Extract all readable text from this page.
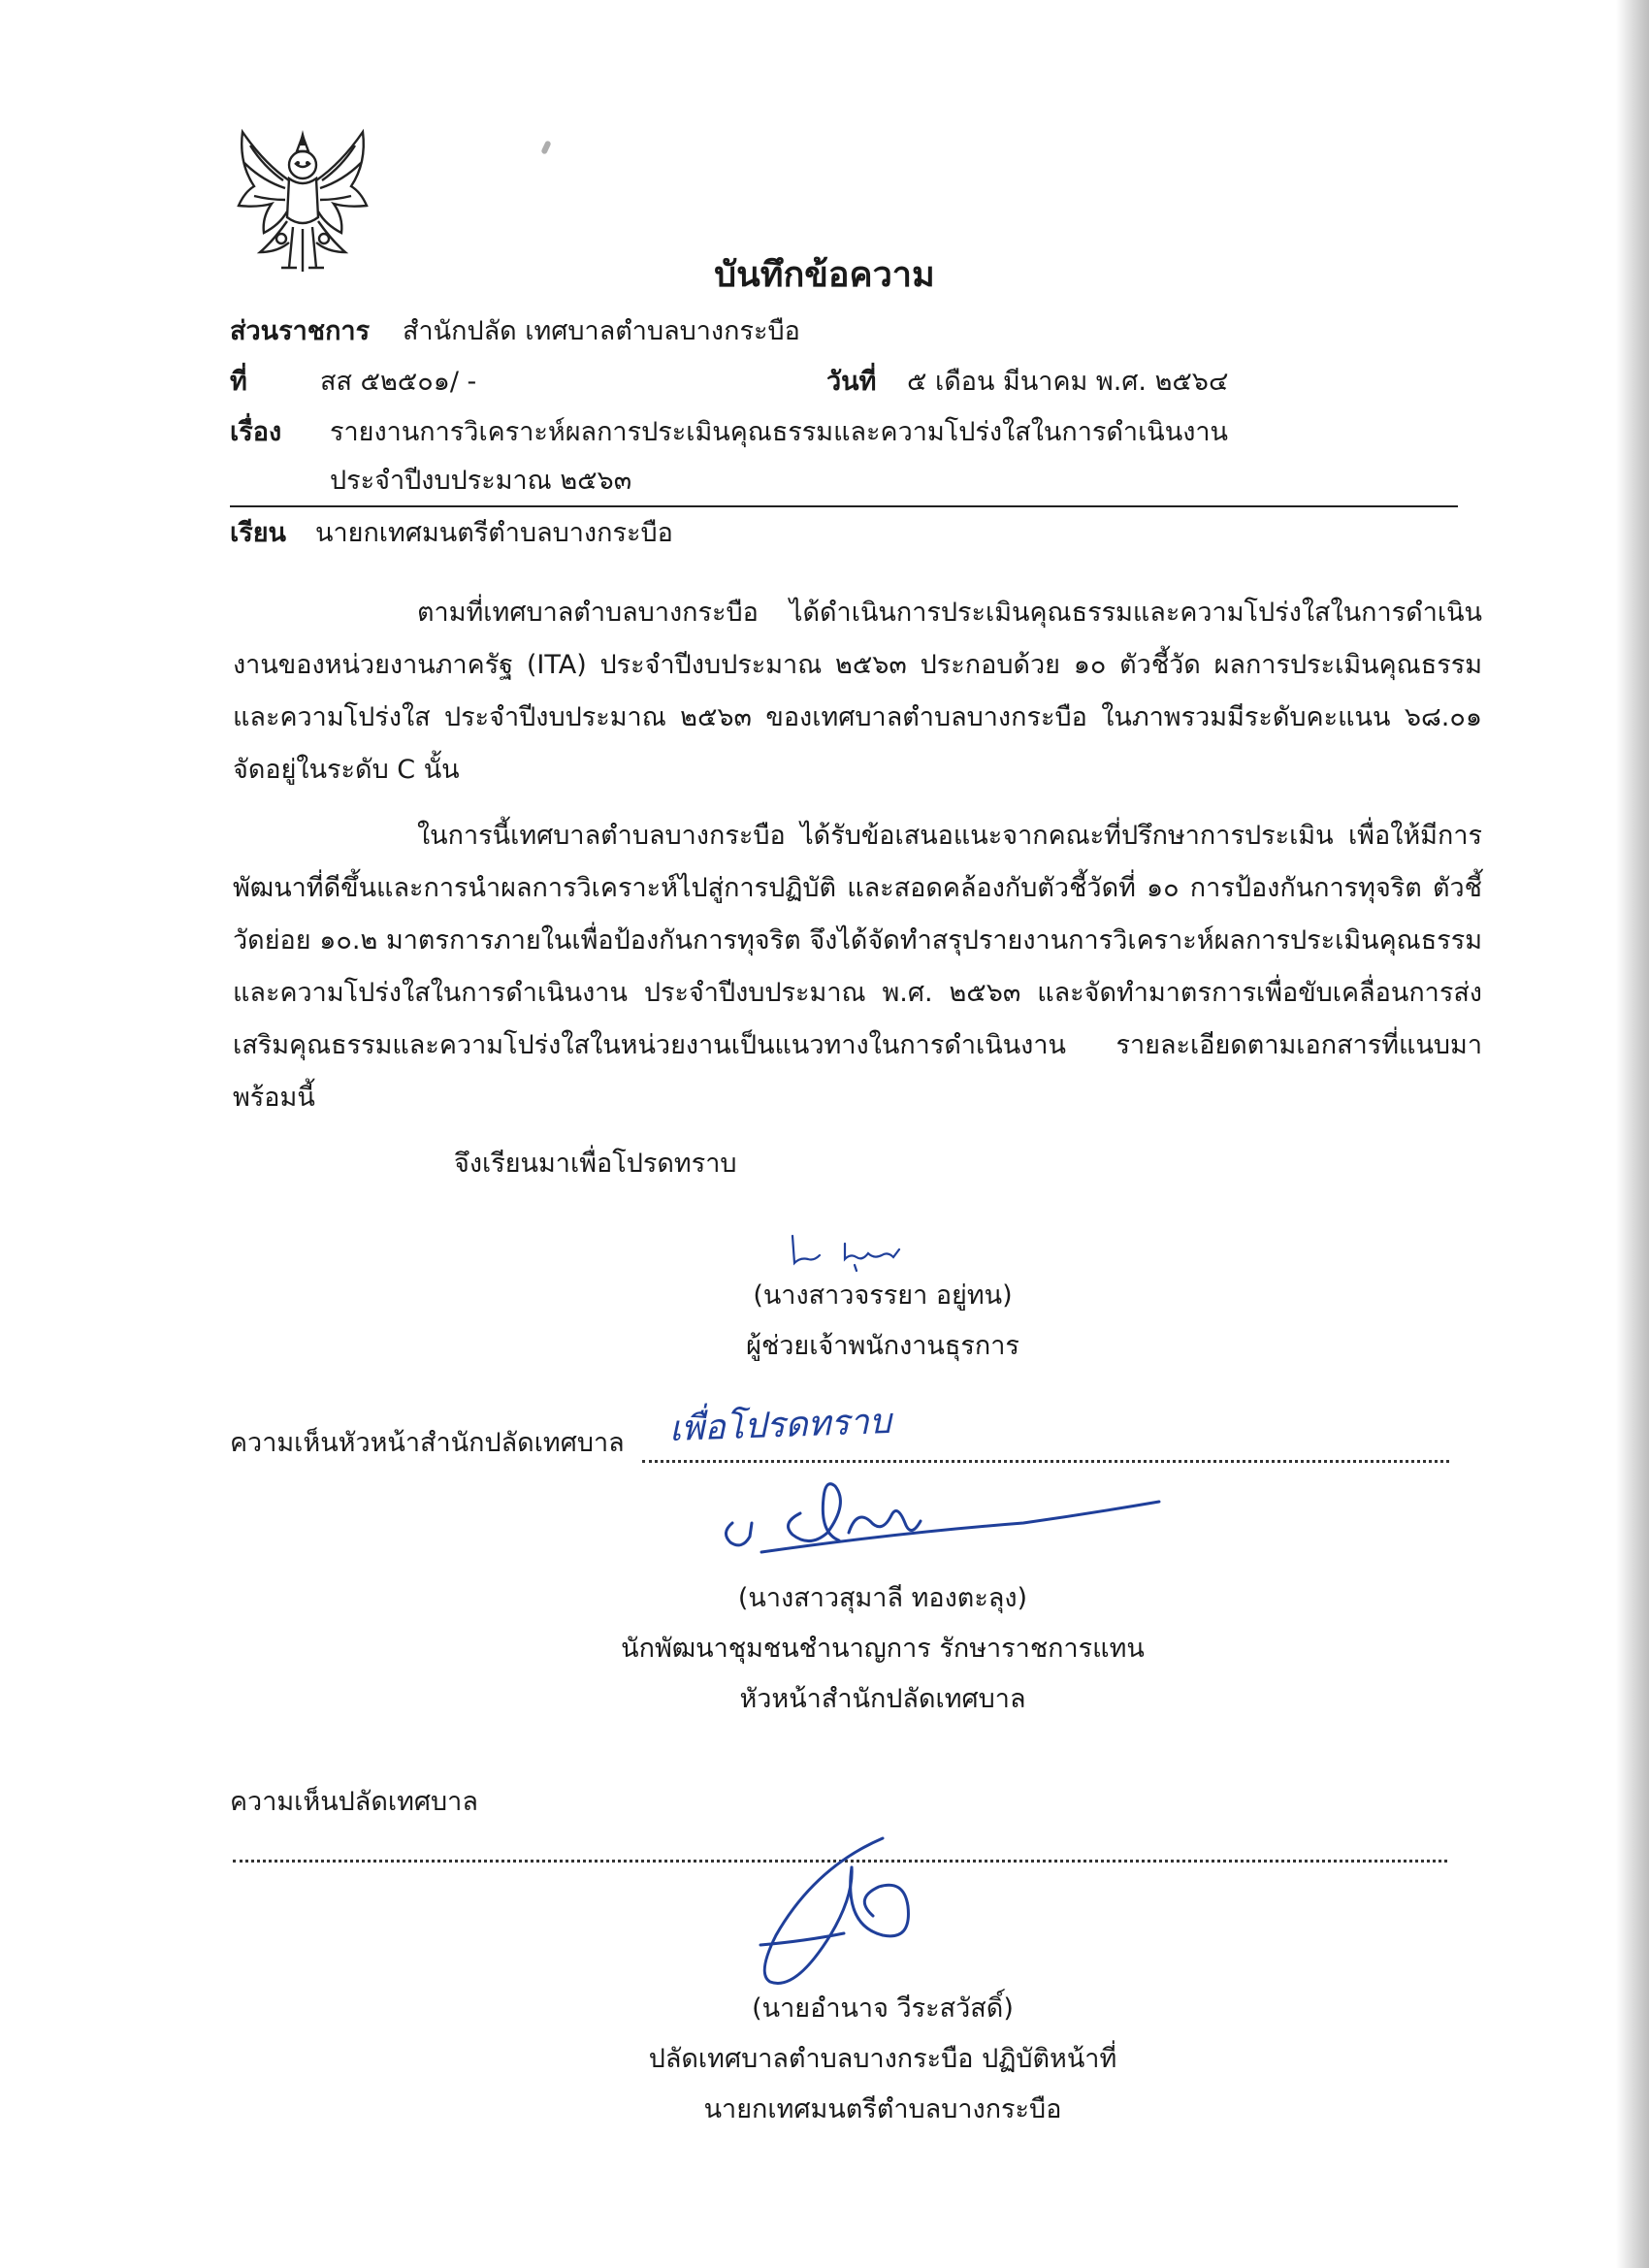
บันทึกข้อความ
ส่วนราชการ สำนักปลัด เทศบาลตำบลบางกระบือ
ที่	สส ๕๒๕๐๑/ -	วันที่ ๕ เดือน มีนาคม พ.ศ. ๒๕๖๔
เรื่อง รายงานการวิเคราะห์ผลการประเมินคุณธรรมและความโปร่งใสในการดำเนินงาน
ประจำปีงบประมาณ ๒๕๖๓
เรียน นายกเทศมนตรีตำบลบางกระบือ
ตามที่เทศบาลตำบลบางกระบือ ได้ดำเนินการประเมินคุณธรรมและความโปร่งใสในการดำเนินงานของหน่วยงานภาครัฐ (ITA) ประจำปีงบประมาณ ๒๕๖๓ ประกอบด้วย ๑๐ ตัวชี้วัด ผลการประเมินคุณธรรมและความโปร่งใส ประจำปีงบประมาณ ๒๕๖๓ ของเทศบาลตำบลบางกระบือ ในภาพรวมมีระดับคะแนน ๖๘.๐๑ จัดอยู่ในระดับ C นั้น
ในการนี้เทศบาลตำบลบางกระบือ ได้รับข้อเสนอแนะจากคณะที่ปรึกษาการประเมิน เพื่อให้มีการพัฒนาที่ดีขึ้นและการนำผลการวิเคราะห์ไปสู่การปฏิบัติ และสอดคล้องกับตัวชี้วัดที่ ๑๐ การป้องกันการทุจริต ตัวชี้วัดย่อย ๑๐.๒ มาตรการภายในเพื่อป้องกันการทุจริต จึงได้จัดทำสรุปรายงานการวิเคราะห์ผลการประเมินคุณธรรมและความโปร่งใสในการดำเนินงาน ประจำปีงบประมาณ พ.ศ. ๒๕๖๓ และจัดทำมาตรการเพื่อขับเคลื่อนการส่งเสริมคุณธรรมและความโปร่งใสในหน่วยงานเป็นแนวทางในการดำเนินงาน รายละเอียดตามเอกสารที่แนบมาพร้อมนี้
จึงเรียนมาเพื่อโปรดทราบ
(นางสาวจรรยา อยู่ทน)
ผู้ช่วยเจ้าพนักงานธุรการ
ความเห็นหัวหน้าสำนักปลัดเทศบาล เพื่อโปรดทราบ
(นางสาวสุมาลี ทองตะลุง)
นักพัฒนาชุมชนชำนาญการ รักษาราชการแทน
หัวหน้าสำนักปลัดเทศบาล
ความเห็นปลัดเทศบาล
(นายอำนาจ วีระสวัสดิ์)
ปลัดเทศบาลตำบลบางกระบือ ปฏิบัติหน้าที่
นายกเทศมนตรีตำบลบางกระบือ
